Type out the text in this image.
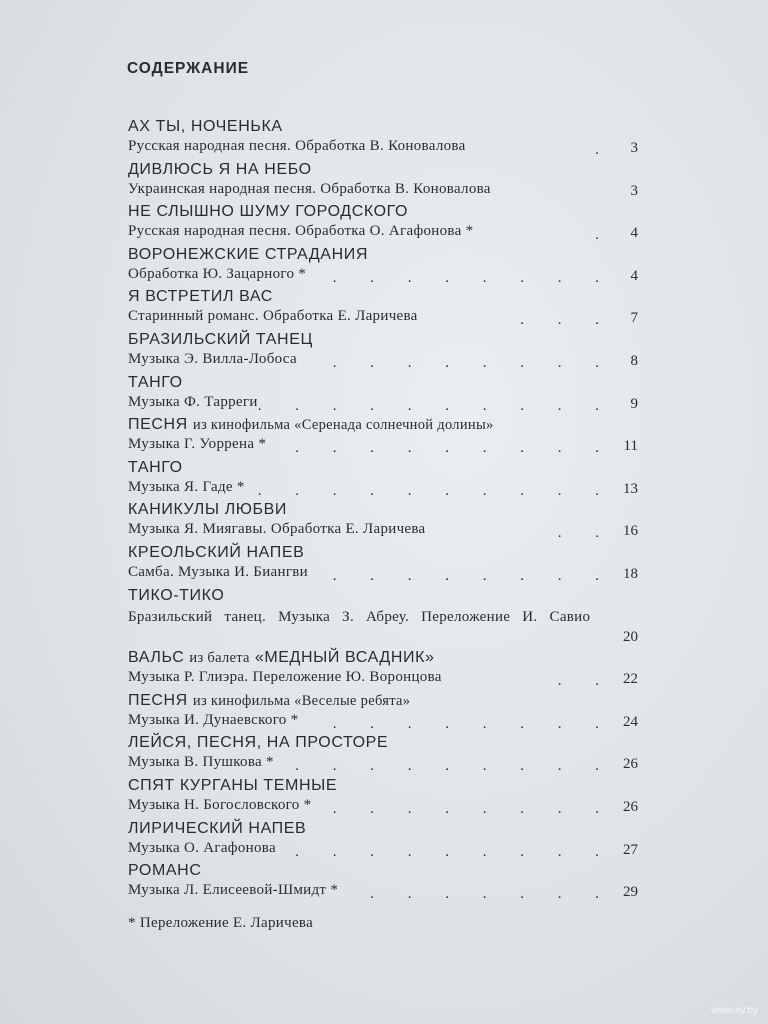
СОДЕРЖАНИЕ
АХ ТЫ, НОЧЕНЬКА
Русская народная песня. Обработка В. Коновалова	.	3
ДИВЛЮСЬ Я НА НЕБО
Украинская народная песня. Обработка В. Коновалова	3
НЕ СЛЫШНО ШУМУ ГОРОДСКОГО
Русская народная песня. Обработка О. Агафонова *	.	4
ВОРОНЕЖСКИЕ СТРАДАНИЯ
Обработка Ю. Зацарного *	. . . . . . . .	4
Я ВСТРЕТИЛ ВАС
Старинный романс. Обработка Е. Ларичева	. . .	7
БРАЗИЛЬСКИЙ ТАНЕЦ
Музыка Э. Вилла-Лобоса	. . . . . . . .	8
ТАНГО
Музыка Ф. Тарреги . . . . . . . . . .	9
ПЕСНЯ из кинофильма «Серенада солнечной долины»
Музыка Г. Уоррена *	. . . . . . . . . 11
ТАНГО
Музыка Я. Гаде * . . . . . . . . . . 13
КАНИКУЛЫ ЛЮБВИ
Музыка Я. Миягавы. Обработка Е. Ларичева	. . 16
КРЕОЛЬСКИЙ НАПЕВ
Самба. Музыка И. Биангви	. . . . . . . . 18
ТИКО-ТИКО
Бразильский танец. Музыка З. Абреу. Переложение И. Савио
20
ВАЛЬС из балета «МЕДНЫЙ ВСАДНИК»
Музыка Р. Глиэра. Переложение Ю. Воронцова	. . 22
ПЕСНЯ из кинофильма «Веселые ребята»
Музыка И. Дунаевского *	. . . . . . . . 24
ЛЕЙСЯ, ПЕСНЯ, НА ПРОСТОРЕ
Музыка В. Пушкова *	. . . . . . . . . 26
СПЯТ КУРГАНЫ ТЕМНЫЕ
Музыка Н. Богословского *	. . . . . . . . 26
ЛИРИЧЕСКИЙ НАПЕВ
Музыка О. Агафонова	. . . . . . . . . 27
РОМАНС
Музыка Л. Елисеевой-Шмидт *	. . . . . . . 29
* Переложение Е. Ларичева
www.ay.by
